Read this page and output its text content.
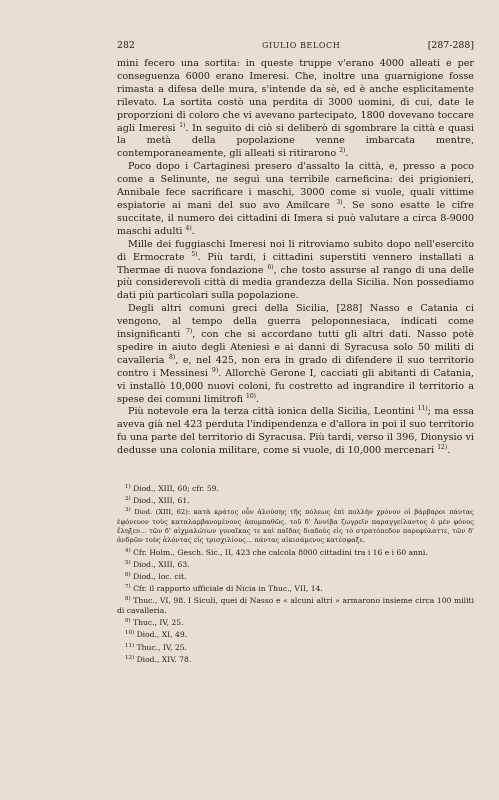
282	GIULIO BELOCH	[287-288]

mini fecero una sortita: in queste truppe v'erano 4000 alleati e per conseguenza 6000 erano Imeresi. Che, inoltre una guarnigione fosse rimasta a difesa delle mura, s'intende da sè, ed è anche esplicitamente rilevato. La sortita costò una perdita di 3000 uomini, di cui, date le proporzioni di coloro che vi avevano partecipato, 1800 dovevano toccare agli Imeresi $^{1)}$. In seguito di ciò si deliberò di sgombrare la città e quasi la metà della popolazione venne imbarcata mentre, contemporaneamente, gli alleati si ritirarono $^{2)}$.

Poco dopo i Cartaginesi presero d'assalto la città, e, presso a poco come a Selinunte, ne seguì una terribile carneficina: dei prigionieri, Annibale fece sacrificare i maschi, 3000 come si vuole, quali vittime espiatorie ai mani del suo avo Amilcare $^{3)}$. Se sono esatte le cifre succitate, il numero dei cittadini di Imera si può valutare a circa 8-9000 maschi adulti $^{4)}$.

Mille dei fuggiaschi Imeresi noi li ritroviamo subito dopo nell'esercito di Ermocrate $^{5)}$. Più tardi, i cittadini superstiti vennero installati a Thermae di nuova fondazione $^{6)}$, che tosto assurse al rango di una delle più considerevoli città di media grandezza della Sicilia. Non possediamo dati più particolari sulla popolazione.

Degli altri comuni greci della Sicilia, [288] Nasso e Catania ci vengono, al tempo della guerra peloponnesiaca, indicati come insignificanti $^{7)}$, con che si accordano tutti gli altri dati. Nasso potè spedire in aiuto degli Ateniesi e ai danni di Syracusa solo 50 militi di cavalleria $^{8)}$, e, nel 425, non era in grado di difendere il suo territorio contro i Messinesi $^{9)}$. Allorchè Gerone I, cacciati gli abitanti di Catania, vi installò 10,000 nuovi coloni, fu costretto ad ingrandire il territorio a spese dei comuni limitrofi $^{10)}$.

Più notevole era la terza città ionica della Sicilia, Leontini $^{11)}$; ma essa aveva già nel 423 perduta l'indipendenza e d'allora in poi il suo territorio fu una parte del territorio di Syracusa. Più tardi, verso il 396, Dionysio vi dedusse una colonia militare, come si vuole, di 10,000 mercenari $^{12)}$.

$^{1)}$ Diod., XIII, 60; cfr. 59.

$^{2)}$ Diod., XIII, 61.

$^{3)}$ Diod. (XIII, 62): κατὰ κράτος οὖν ἁλούσης τῆς πόλεως ἐπὶ πολλὴν χρόνον οἱ βάρβαροι πάντας ἐφόνευον τοὺς καταλαμβανομένους ἀσυμπαθῶς. τοῦ δ' Ἀννίβα ζωγρεῖν παραγγείλαντος ὁ μὲν φόνος ἔληξεν... τῶν δ' αἰχμαλώτων γυναῖκας τε καὶ παῖδας διαδοὺς εἰς τὸ στρατόπεδον παρεφύλαττε, τῶν δ' ἀνδρῶν τοὺς ἁλόντας εἰς τρισχιλίους... πάντας αἰκισάμενος κατέσφαξε.

$^{4)}$ Cfr. Holm., Gesch. Sic., II, 423 che calcola 8000 cittadini tra i 16 e i 60 anni.

$^{5)}$ Diod., XIII, 63.

$^{6)}$ Diod., loc. cit.

$^{7)}$ Cfr. il rapporto ufficiale di Nicia in Thuc., VII, 14.

$^{8)}$ Thuc., VI, 98. I Siculi, quei di Nasso e « alcuni altri » armarono insieme circa 100 militi di cavalleria.

$^{9)}$ Thuc., IV, 25.

$^{10)}$ Diod., XI, 49.

$^{11)}$ Thuc., IV, 25.

$^{12)}$ Diod., XIV. 78.
